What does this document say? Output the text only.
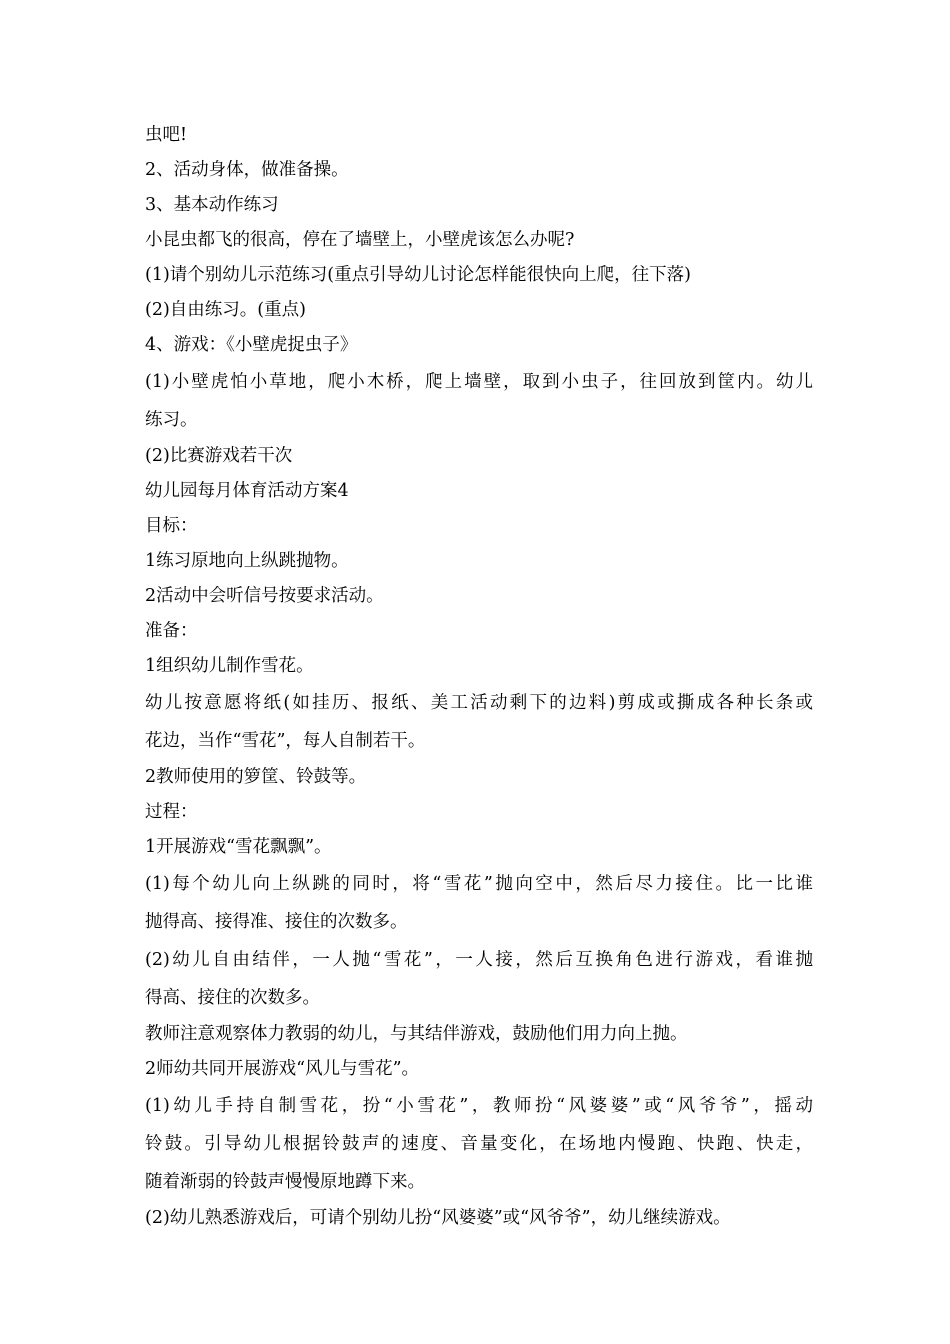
虫吧!

2、活动身体，做准备操。

3、基本动作练习

小昆虫都飞的很高，停在了墙壁上，小壁虎该怎么办呢?

(1)请个别幼儿示范练习(重点引导幼儿讨论怎样能很快向上爬，往下落)

(2)自由练习。(重点)

4、游戏：《小壁虎捉虫子》

(1)小壁虎怕小草地，爬小木桥，爬上墙壁，取到小虫子，往回放到筐内。幼儿
练习。

(2)比赛游戏若干次

幼儿园每月体育活动方案4

目标：

1练习原地向上纵跳抛物。

2活动中会听信号按要求活动。

准备：

1组织幼儿制作雪花。

幼儿按意愿将纸(如挂历、报纸、美工活动剩下的边料)剪成或撕成各种长条或
花边，当作“雪花”，每人自制若干。

2教师使用的箩筐、铃鼓等。

过程：

1开展游戏“雪花飘飘”。

(1)每个幼儿向上纵跳的同时，将“雪花”抛向空中，然后尽力接住。比一比谁
抛得高、接得准、接住的次数多。
(2)幼儿自由结伴，一人抛“雪花”，一人接，然后互换角色进行游戏，看谁抛
得高、接住的次数多。

教师注意观察体力教弱的幼儿，与其结伴游戏，鼓励他们用力向上抛。

2师幼共同开展游戏“风儿与雪花”。

(1)幼儿手持自制雪花，扮“小雪花”，教师扮“风婆婆”或“风爷爷”，摇动
铃鼓。引导幼儿根据铃鼓声的速度、音量变化，在场地内慢跑、快跑、快走，
随着渐弱的铃鼓声慢慢原地蹲下来。

(2)幼儿熟悉游戏后，可请个别幼儿扮“风婆婆”或“风爷爷”，幼儿继续游戏。
